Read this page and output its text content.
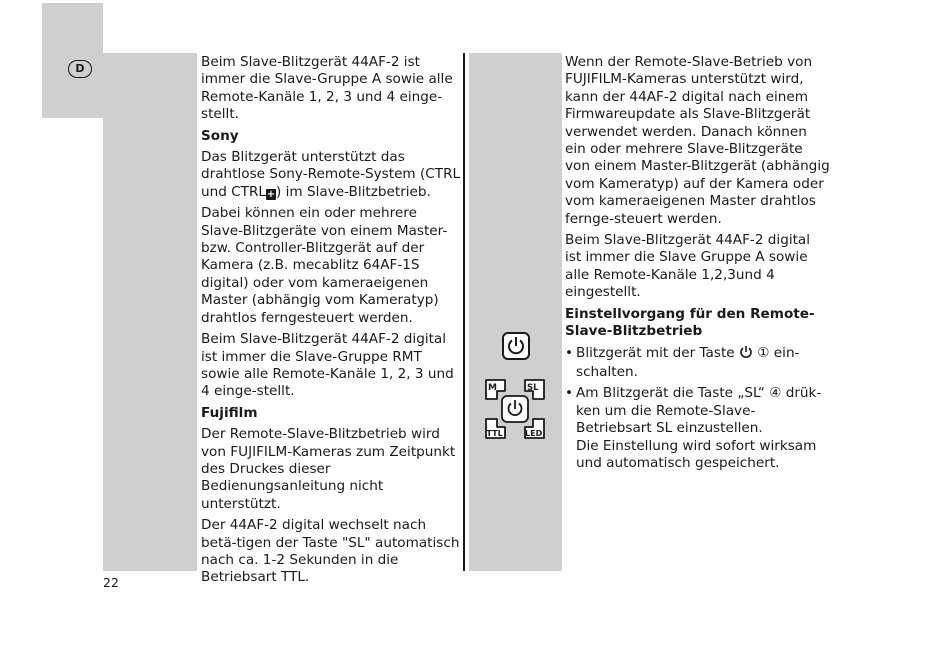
D	Beim Slave-Blitzgerät 44AF-2 ist immer die Slave-Gruppe A sowie alle Remote-Kanäle 1, 2, 3 und 4 einge-stellt.

Sony

Das Blitzgerät unterstützt das drahtlose Sony-Remote-System (CTRL und CTRL+) im Slave-Blitzbetrieb.

Dabei können ein oder mehrere Slave-Blitzgeräte von einem Master- bzw. Controller-Blitzgerät auf der Kamera (z.B. mecablitz 64AF-1S digital) oder vom kameraeigenen Master (abhängig vom Kameratyp) drahtlos ferngesteuert werden.

Beim Slave-Blitzgerät 44AF-2 digital ist immer die Slave-Gruppe RMT sowie alle Remote-Kanäle 1, 2, 3 und 4 einge-stellt.

Fujifilm

Der Remote-Slave-Blitzbetrieb wird von FUJIFILM-Kameras zum Zeitpunkt des Druckes dieser Bedienungsanleitung nicht unterstützt.

Der 44AF-2 digital wechselt nach betä-tigen der Taste "SL" automatisch nach ca. 1-2 Sekunden in die Betriebsart TTL.

Wenn der Remote-Slave-Betrieb von FUJIFILM-Kameras unterstützt wird, kann der 44AF-2 digital nach einem Firmwareupdate als Slave-Blitzgerät verwendet werden. Danach können ein oder mehrere Slave-Blitzgeräte von einem Master-Blitzgerät (abhängig vom Kameratyp) auf der Kamera oder vom kameraeigenen Master drahtlos fernge-steuert werden.

Beim Slave-Blitzgerät 44AF-2 digital ist immer die Slave Gruppe A sowie alle Remote-Kanäle 1,2,3und 4 eingestellt.

Einstellvorgang für den Remote-Slave-Blitzbetrieb
• Blitzgerät mit der Taste ① ein-schalten.
• Am Blitzgerät die Taste „SL“ ④ drük-ken um die Remote-Slave-Betriebsart SL einzustellen.
Die Einstellung wird sofort wirksam und automatisch gespeichert.
M	SL
TTL	LED
22
